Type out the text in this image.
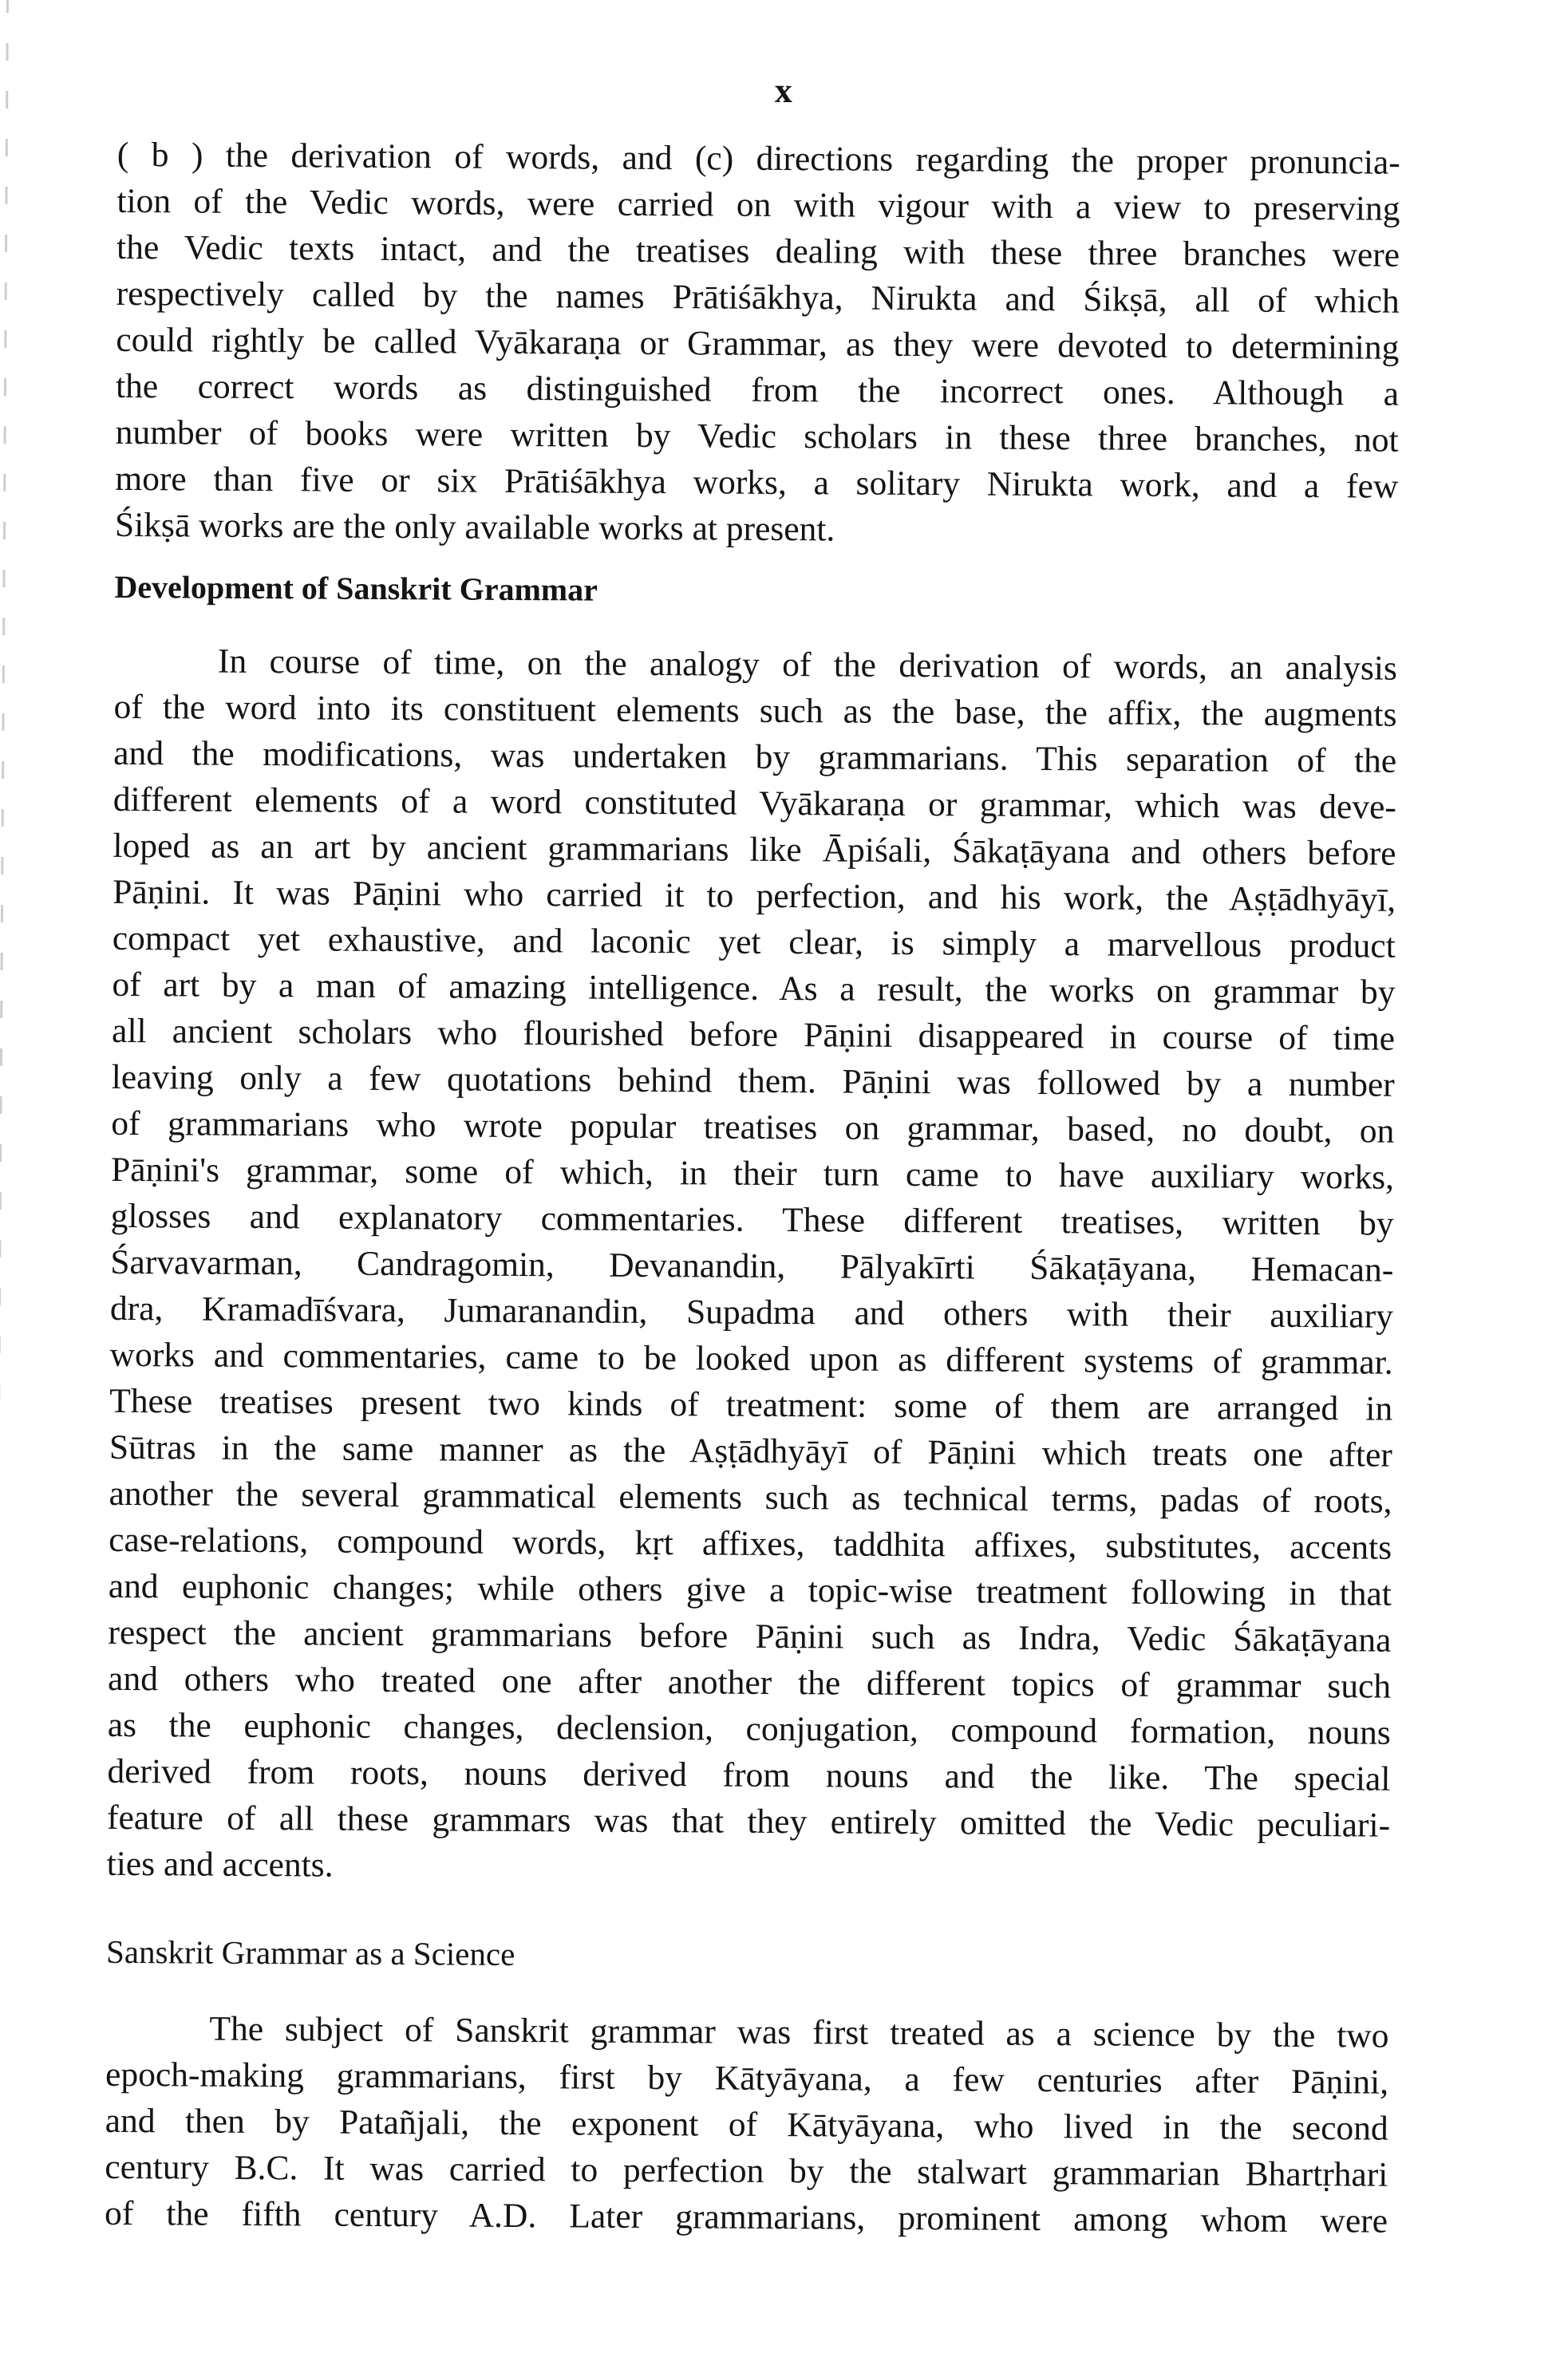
x

( b ) the derivation of words, and (c) directions regarding the proper pronuncia-
tion of the Vedic words, were carried on with vigour with a view to preserving
the Vedic texts intact, and the treatises dealing with these three branches were
respectively called by the names Prātiśākhya, Nirukta and Śikṣā, all of which
could rightly be called Vyākaraṇa or Grammar, as they were devoted to determining
the correct words as distinguished from the incorrect ones. Although a
number of books were written by Vedic scholars in these three branches, not
more than five or six Prātiśākhya works, a solitary Nirukta work, and a few
Śikṣā works are the only available works at present.

Development of Sanskrit Grammar

In course of time, on the analogy of the derivation of words, an analysis
of the word into its constituent elements such as the base, the affix, the augments
and the modifications, was undertaken by grammarians. This separation of the
different elements of a word constituted Vyākaraṇa or grammar, which was deve-
loped as an art by ancient grammarians like Āpiśali, Śākaṭāyana and others before
Pāṇini. It was Pāṇini who carried it to perfection, and his work, the Aṣṭādhyāyī,
compact yet exhaustive, and laconic yet clear, is simply a marvellous product
of art by a man of amazing intelligence. As a result, the works on grammar by
all ancient scholars who flourished before Pāṇini disappeared in course of time
leaving only a few quotations behind them. Pāṇini was followed by a number
of grammarians who wrote popular treatises on grammar, based, no doubt, on
Pāṇini's grammar, some of which, in their turn came to have auxiliary works,
glosses and explanatory commentaries. These different treatises, written by
Śarvavarman, Candragomin, Devanandin, Pālyakīrti Śākaṭāyana, Hemacan-
dra, Kramadīśvara, Jumaranandin, Supadma and others with their auxiliary
works and commentaries, came to be looked upon as different systems of grammar.
These treatises present two kinds of treatment: some of them are arranged in
Sūtras in the same manner as the Aṣṭādhyāyī of Pāṇini which treats one after
another the several grammatical elements such as technical terms, padas of roots,
case-relations, compound words, kṛt affixes, taddhita affixes, substitutes, accents
and euphonic changes; while others give a topic-wise treatment following in that
respect the ancient grammarians before Pāṇini such as Indra, Vedic Śākaṭāyana
and others who treated one after another the different topics of grammar such
as the euphonic changes, declension, conjugation, compound formation, nouns
derived from roots, nouns derived from nouns and the like. The special
feature of all these grammars was that they entirely omitted the Vedic peculiari-
ties and accents.

Sanskrit Grammar as a Science

The subject of Sanskrit grammar was first treated as a science by the two
epoch-making grammarians, first by Kātyāyana, a few centuries after Pāṇini,
and then by Patañjali, the exponent of Kātyāyana, who lived in the second
century B.C. It was carried to perfection by the stalwart grammarian Bhartṛhari
of the fifth century A.D. Later grammarians, prominent among whom were
